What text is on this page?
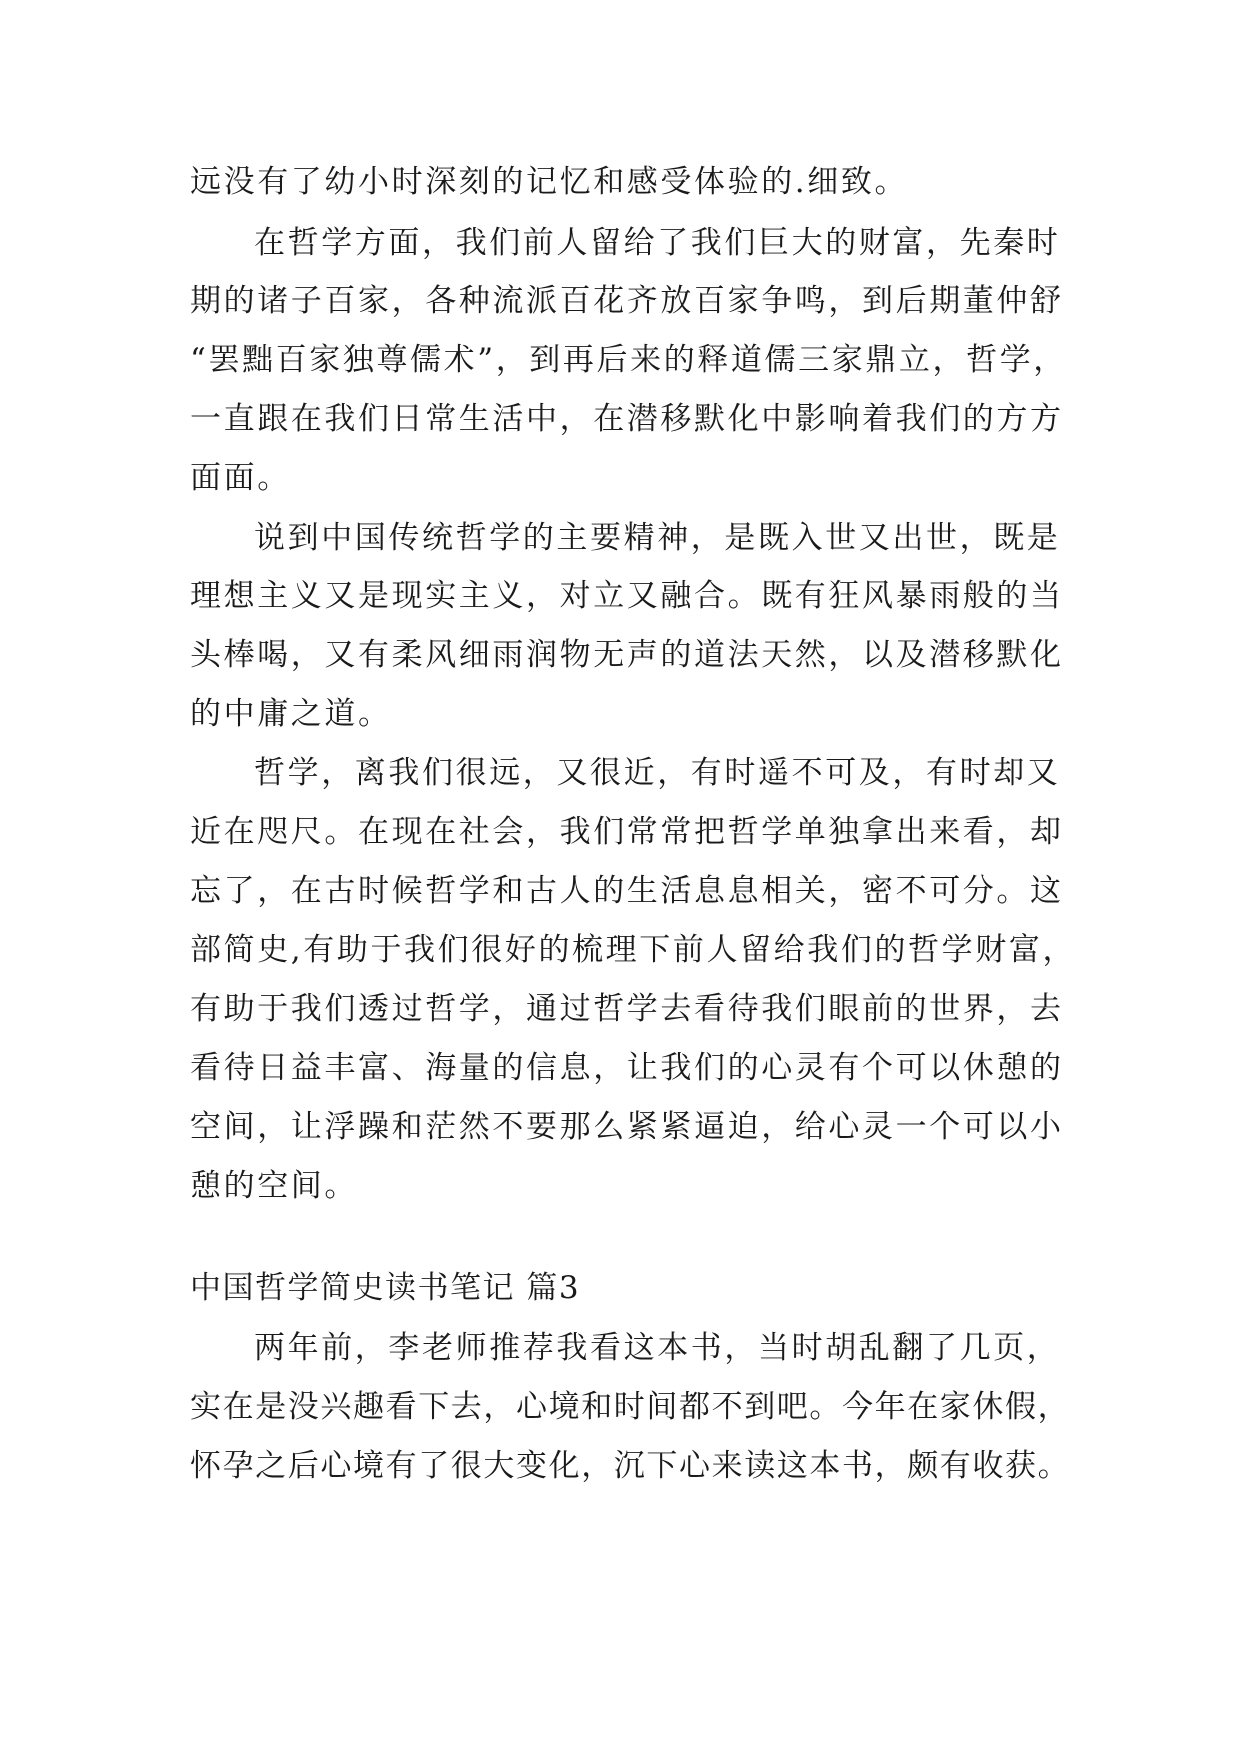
远没有了幼小时深刻的记忆和感受体验的.细致。
在哲学方面，我们前人留给了我们巨大的财富，先秦时
期的诸子百家，各种流派百花齐放百家争鸣，到后期董仲舒
“罢黜百家独尊儒术”，到再后来的释道儒三家鼎立，哲学，
一直跟在我们日常生活中，在潜移默化中影响着我们的方方
面面。
说到中国传统哲学的主要精神，是既入世又出世，既是
理想主义又是现实主义，对立又融合。既有狂风暴雨般的当
头棒喝，又有柔风细雨润物无声的道法天然，以及潜移默化
的中庸之道。
哲学，离我们很远，又很近，有时遥不可及，有时却又
近在咫尺。在现在社会，我们常常把哲学单独拿出来看，却
忘了，在古时候哲学和古人的生活息息相关，密不可分。这
部简史,有助于我们很好的梳理下前人留给我们的哲学财富，
有助于我们透过哲学，通过哲学去看待我们眼前的世界，去
看待日益丰富、海量的信息，让我们的心灵有个可以休憩的
空间，让浮躁和茫然不要那么紧紧逼迫，给心灵一个可以小
憩的空间。
中国哲学简史读书笔记 篇3
两年前，李老师推荐我看这本书，当时胡乱翻了几页，
实在是没兴趣看下去，心境和时间都不到吧。今年在家休假，
怀孕之后心境有了很大变化，沉下心来读这本书，颇有收获。
